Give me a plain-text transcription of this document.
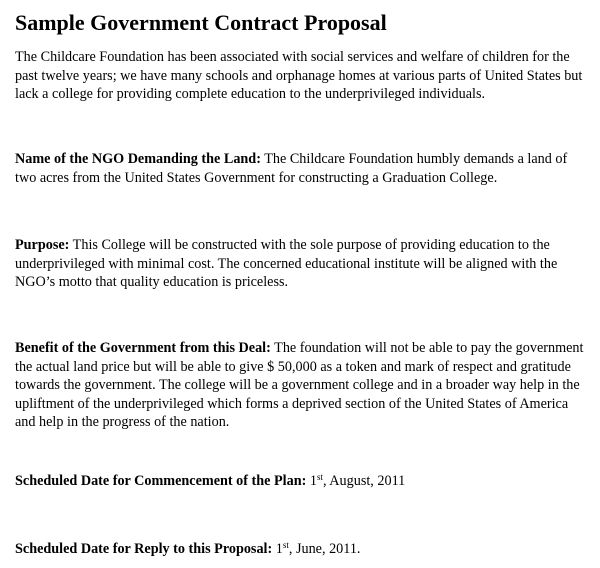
Sample Government Contract Proposal

The Childcare Foundation has been associated with social services and welfare of children for the past twelve years; we have many schools and orphanage homes at various parts of United States but lack a college for providing complete education to the underprivileged individuals.

Name of the NGO Demanding the Land: The Childcare Foundation humbly demands a land of two acres from the United States Government for constructing a Graduation College.

Purpose: This College will be constructed with the sole purpose of providing education to the underprivileged with minimal cost. The concerned educational institute will be aligned with the NGO’s motto that quality education is priceless.

Benefit of the Government from this Deal: The foundation will not be able to pay the government the actual land price but will be able to give $ 50,000 as a token and mark of respect and gratitude towards the government. The college will be a government college and in a broader way help in the upliftment of the underprivileged which forms a deprived section of the United States of America and help in the progress of the nation.

Scheduled Date for Commencement of the Plan: 1st, August, 2011

Scheduled Date for Reply to this Proposal: 1st, June, 2011.
